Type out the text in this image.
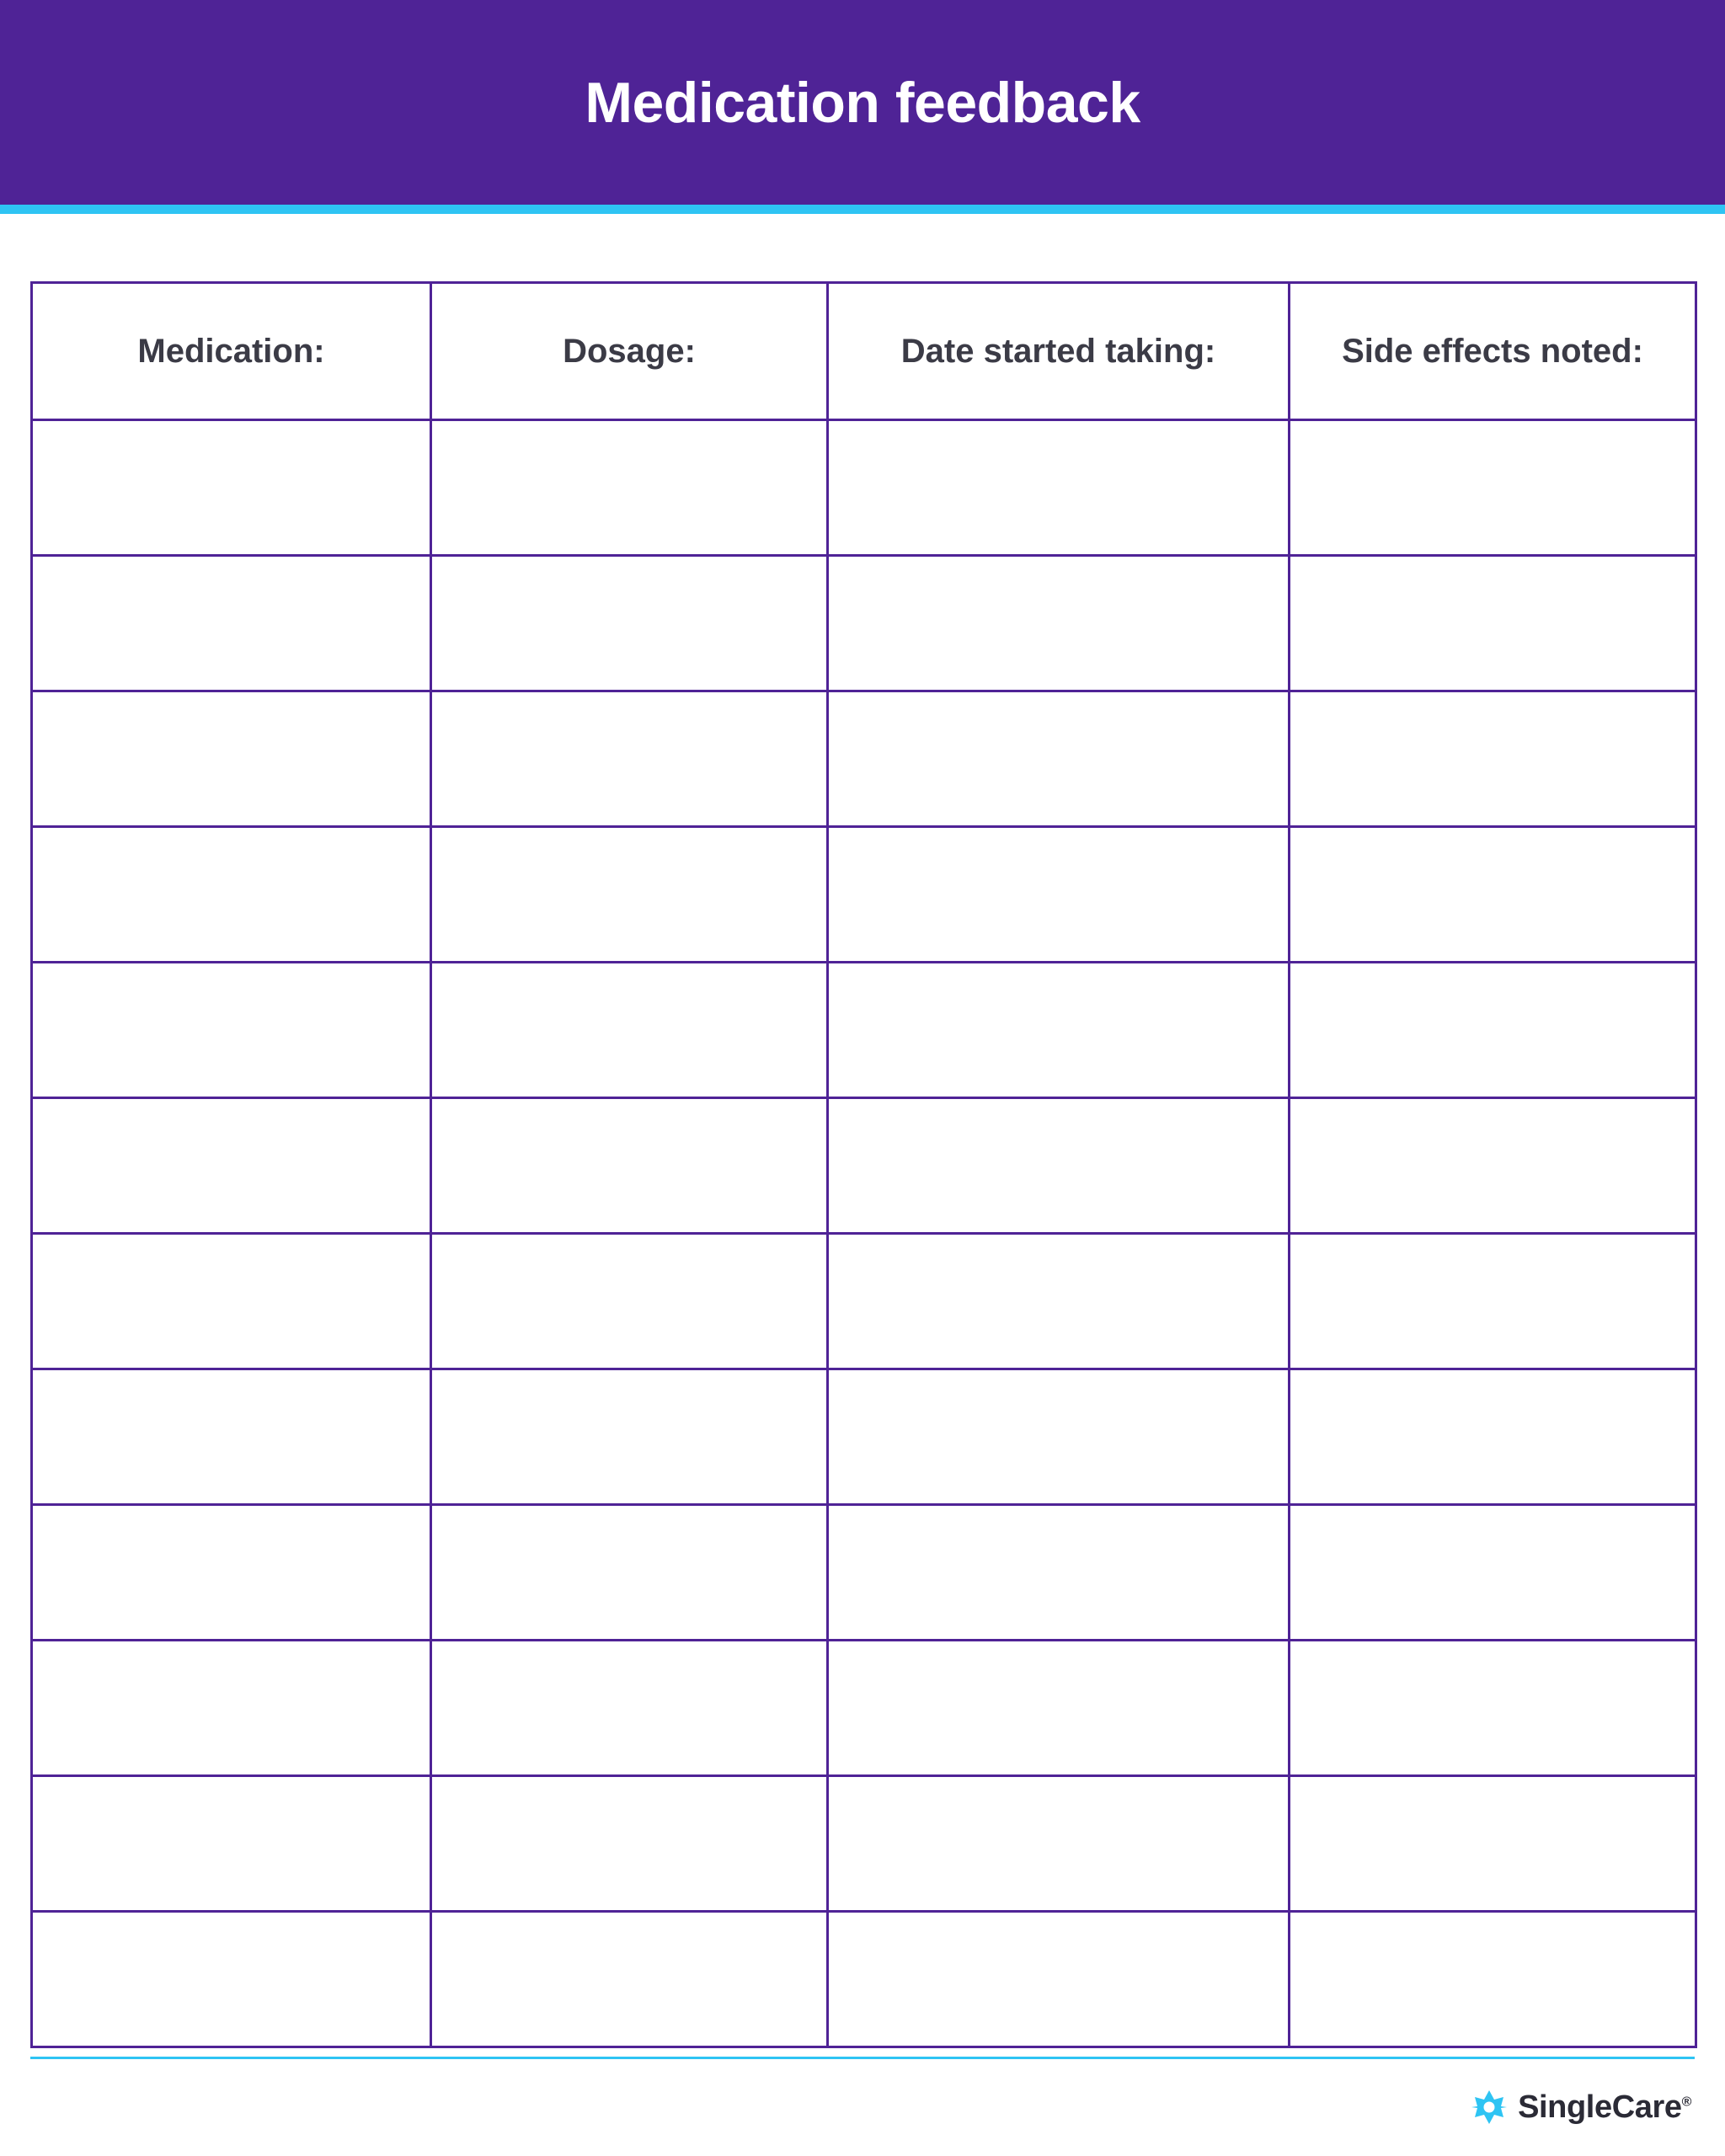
Medication feedback
Medication:	Dosage:	Date started taking:	Side effects noted:

SingleCare®
